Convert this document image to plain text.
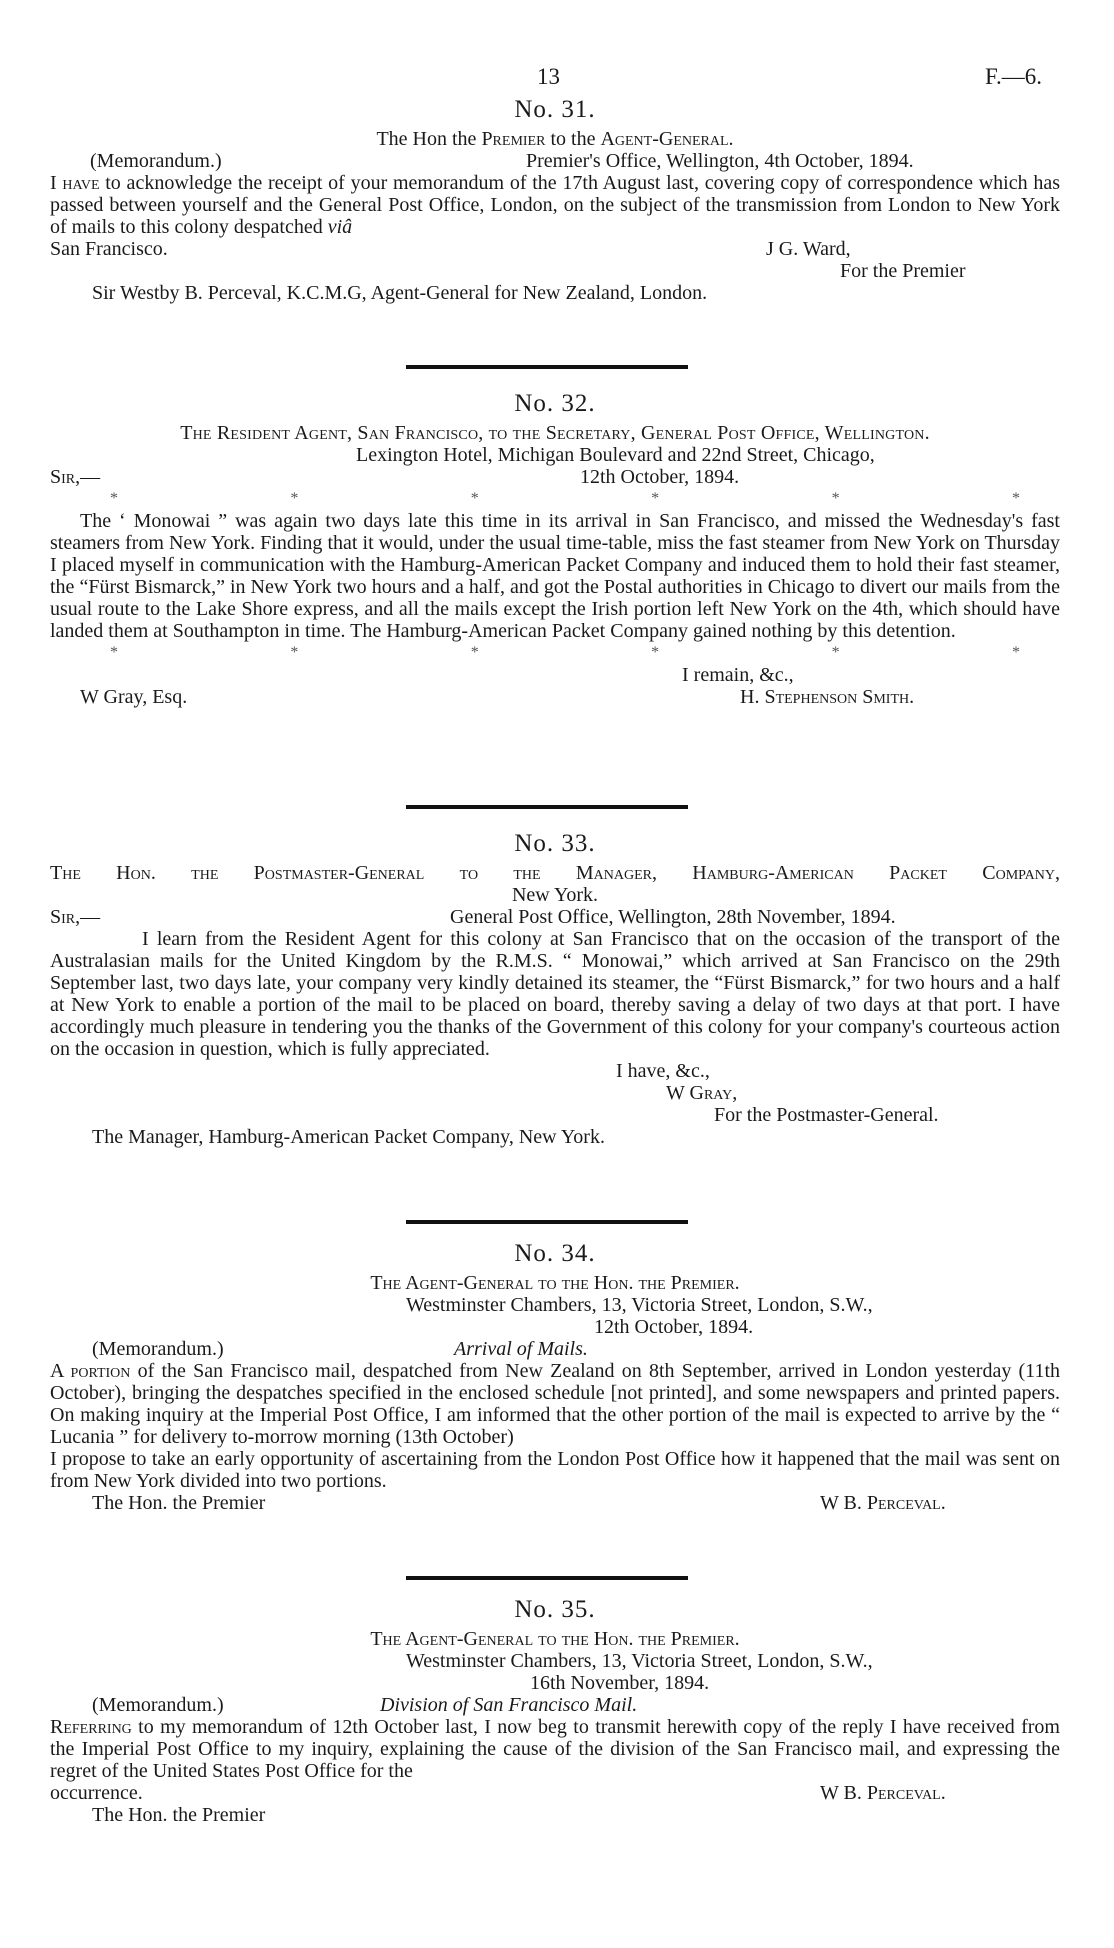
13	F.—6.
No. 31.
The Hon the Premier to the Agent-General.
(Memorandum.)	Premier's Office, Wellington, 4th October, 1894.

I have to acknowledge the receipt of your memorandum of the 17th August last, covering copy of correspondence which has passed between yourself and the General Post Office, London, on the subject of the transmission from London to New York of mails to this colony despatched viâ

San Francisco.	J G. Ward,
For the Premier
Sir Westby B. Perceval, K.C.M.G, Agent-General for New Zealand, London.
No. 32.
The Resident Agent, San Francisco, to the Secretary, General Post Office, Wellington.
Lexington Hotel, Michigan Boulevard and 22nd Street, Chicago,
Sir,—	12th October, 1894.
*	*	*	*	*	*

The ‘ Monowai ” was again two days late this time in its arrival in San Francisco, and missed the Wednesday's fast steamers from New York. Finding that it would, under the usual time-table, miss the fast steamer from New York on Thursday I placed myself in communication with the Hamburg-American Packet Company and induced them to hold their fast steamer, the “Fürst Bismarck,” in New York two hours and a half, and got the Postal authorities in Chicago to divert our mails from the usual route to the Lake Shore express, and all the mails except the Irish portion left New York on the 4th, which should have landed them at Southampton in time. The Hamburg-American Packet Company gained nothing by this detention.

*	*	*	*	*	*
I remain, &c.,
W Gray, Esq.	H. Stephenson Smith.
No. 33.
The Hon. the Postmaster-General to the Manager, Hamburg-American Packet Company,
New York.
Sir,—	General Post Office, Wellington, 28th November, 1894.

I learn from the Resident Agent for this colony at San Francisco that on the occasion of the transport of the Australasian mails for the United Kingdom by the R.M.S. “ Monowai,” which arrived at San Francisco on the 29th September last, two days late, your company very kindly detained its steamer, the “Fürst Bismarck,” for two hours and a half at New York to enable a portion of the mail to be placed on board, thereby saving a delay of two days at that port. I have accordingly much pleasure in tendering you the thanks of the Government of this colony for your company's courteous action on the occasion in question, which is fully appreciated.

I have, &c.,
W Gray,
For the Postmaster-General.
The Manager, Hamburg-American Packet Company, New York.
No. 34.
The Agent-General to the Hon. the Premier.
Westminster Chambers, 13, Victoria Street, London, S.W.,
12th October, 1894.
(Memorandum.)	Arrival of Mails.

A portion of the San Francisco mail, despatched from New Zealand on 8th September, arrived in London yesterday (11th October), bringing the despatches specified in the enclosed schedule [not printed], and some newspapers and printed papers. On making inquiry at the Imperial Post Office, I am informed that the other portion of the mail is expected to arrive by the “ Lucania ” for delivery to-morrow morning (13th October)

I propose to take an early opportunity of ascertaining from the London Post Office how it happened that the mail was sent on from New York divided into two portions.

The Hon. the Premier	W B. Perceval.
No. 35.
The Agent-General to the Hon. the Premier.
Westminster Chambers, 13, Victoria Street, London, S.W.,
16th November, 1894.
(Memorandum.)	Division of San Francisco Mail.

Referring to my memorandum of 12th October last, I now beg to transmit herewith copy of the reply I have received from the Imperial Post Office to my inquiry, explaining the cause of the division of the San Francisco mail, and expressing the regret of the United States Post Office for the

occurrence.	W B. Perceval.
The Hon. the Premier
